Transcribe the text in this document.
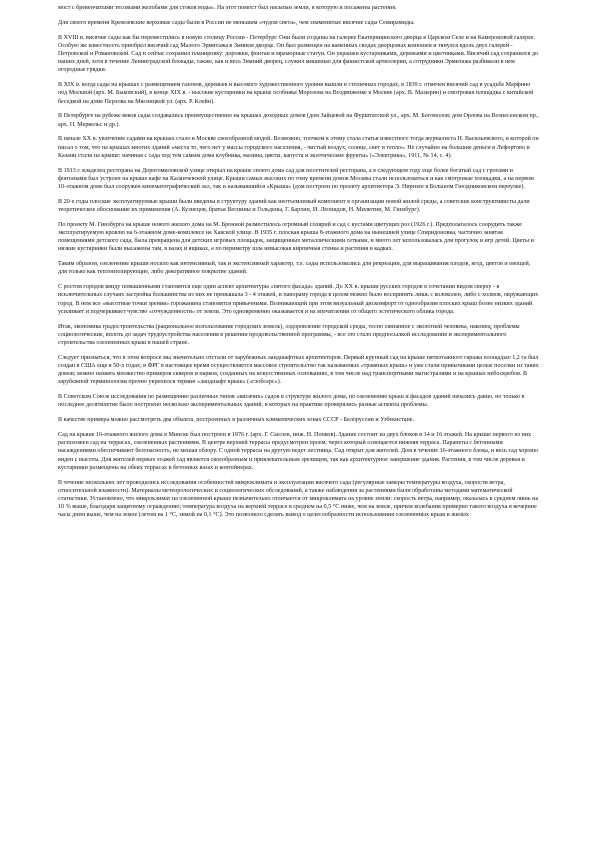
мост с бревенчатыми тесовыми желобами для стоков воды». На этот помост был насыпан земли, в которую и посажены растения.

Для своего времени Кремлевские верховые сады были в России не меньшим «чудом света», чем знаменитые висячие сады Семирамиды.

В XVIII в. висячие сады как бы переместились в новую столицу России - Петербург. Они были созданы на галерее Екатерининского дворца в Царском Селе и на Камероновой галерее. Особую же известность приобрел висячий сад Малого Эрмитажа в Зимнем дворце. Он был размещен на каменных сводах дворцовых конюшен и тянулся вдоль двух галерей - Петровской и Романовской. Сад и сейчас сохранил планировку: дорожки, фонтан и мраморные статуи. Он украшен кустарниками, деревьями и цветниками. Висячий сад сохранился до наших дней, хотя в течение Ленинградской блокады, также, как и весь Зимний дворец, служил мишенью для фашистской артиллерии, а сотрудники Эрмитажа разбивали в нем огородные грядки.

В XIX в. когда сады на крышах с размещением газонов, деревьев и высокого художественного уровня вышли в столичных городах, в 1839 г. отмечен висячий сад в усадьбе Марфино под Москвой (арх. М. Быковский), в конце XIX в. - высокие кустарники на крыше особняка Морозова на Воздвиженке в Москве (арх. В. Мазырин) и смотровая площадка с китайской беседкой на доме Перлова на Мясницкой ул. (арх. Р. Клейн).

В Петербурге на рубеже веков сады создавались преимущественно на крышах доходных домов (дом Зайцевой на Фурштатской ул., арх. М. Богомолов; дом Орлова на Вознесенском пр., арх. П. Меркельс и др.).

В начале XX в. увлечение садами на крышах стало в Москве своеобразной модой. Возможно, толчком к этому стала статья известного тогда журналиста Н. Васильевского, в которой он писал о том, что на крышах многих зданий «места то, чего нет у массы городского населения, - чистый воздух, солнце, свет и тепло». Не случайно на большие деньги в Лефортово и Казани стали на крыше: начиная с сада под тем самым дома клубника, малина, цветы, капуста и экзотические фрукты» («Электрика», 1911, № 14, с. 4).

В 1913 г. владелец ресторана на Дорогомиловской улице открыл на крыше своего дома сад для посетителей ресторана, а в следующем году еще более богатый сад с гротами и фонтанами был устроен на крыше кафе на Каланчевской улице. Крыши самых высоких по тому времени домов Москвы стали использоваться и как смотровые площадки, а на первом 10-этажном доме был сооружен кинематографический зал, так и называвшийся «Крыша» (дом построен по проекту архитектора Э. Нирнзее в Большом Гнездниковском переулке).

В 20-е годы плоские эксплуатируемые крыши были введены в структуру зданий как неотъемлемый компонент в организации новой жилой среды, а советские конструктивисты дали теоретическое обоснование их применения (А. Кузнецов, братья Веснины и Гольдены, Г. Бархин, И. Леонидов, Н. Милютин, М. Гинзбург).

По проекту М. Гинзбурга на крыше нового жилого дома на М. Бронной разместилось огромный солярий и сад с кустами цветущих роз (1926 г.). Предполагалось соорудить также эксплуатируемую кровлю на 6-этажном доме-комплексе на Хавской улице. В 1935 г. плоская крыша 8-этажного дома на нынешней улице Спиридоновка, частично занятая помещениями детского сада, была превращена для детских игровых площадок, защищенных металлическими сетками, и много лет использовалась для прогулок и игр детей. Цветы и низкие кустарники были высажены там, в вазах и ящиках, а по периметру шла невысокая кирпичная стенка и растения в кадках.

Таким образом, озеленение крыши носило как интенсивный, так и экстенсивный характер, т.е. сады использовались для рекреации, для выращивания плодов, ягод, цветов и овощей, для только как теплоизолирующие, либо декоративное покрытие зданий.

С ростом городов ввиду повышенными становятся еще один аспект архитектуры «пятого фасада» зданий. До XX в. крыши русских городов в сочетании видом сверху - в исключительных случаях застройка большинства из них не превышала 3 - 4 этажей, и панораму города в целом можно было воспринять лишь с колоколен, либо с холмов, окружающих город. В нем все «высотные точки зрения» горожанина становятся привычными. Возникающий при этом визуальный дискомфорт от однообразия плоских крыш более низких зданий усиливает и подчеркивает чувство «отчужденности» от земли. Это одновременно оказывается и на впечатлении от общего эстетического облика города.

Итак, экономика градостроительства (рациональное использование городских земель), оздоровление городской среды, тесно связанное с экологией человека, наконец, проблемы социологические, вплоть до задач трудоустройства населения в решении продовольственной программы, - все это стало предпосылкой исследования и экспериментального строительства озелененных крыш в нашей стране.

Следует признаться, что в этом вопросе мы значительно отстали от зарубежных ландшафтных архитекторов. Первый крупный сад на крыше пятиэтажного гаража площадью 1,2 га был создан в США еще в 50-х годах; в ФРГ в настоящее время осуществляется массовое строительство так называемых «травяных крыш» и уже стали привычными целые поселки из таких домов; можно назвать множество примеров скверов и парков, созданных на искусственных основаниях, в том числе над транспортными магистралями и на крышах небоскребов. В зарубежной терминологии прочно укрепился термин «ландшафт крыш» («гэобсерс»).

В Советском Союзе исследования по размещению различных типов «висячих» садов в структуре жилого дома, по озеленению крыш и фасадов зданий начались давно, но только в последнее десятилетие было построено несколько экспериментальных зданий, в которых на практике проверялись разные аспекты проблемы.

В качестве примера можно рассмотреть два объекта, построенных в различных климатических зонах СССР - Белоруссии и Узбекистане.

Сад на крыше 16-этажного жилого дома в Минске был построен в 1976 г. (арх. Г. Сысоев, инж. Н. Попков). Здание состоит из двух блоков в 14 и 16 этажей. На крыше первого из них расположен сад на террасах, озелененных растениями. В центре верхней террасы предусмотрен проем, через который освещается нижняя терраса. Парапеты с бетонными насаждениями обеспечивают безопасность, не мешая обзору. С одной террасы на другую ведет лестница. Сад открыт для жителей. Дом в течение 16-этажного блока, и весь сад хорошо виден с высоты. Для жителей первых этажей сад является своеобразным и привлекательным зрелищем, так как архитектурное завершение здания. Растения, в том числе деревья и кустарники размещены на обеих террасах в бетонных вазах и контейнерах.

В течение нескольких лет проводились исследования особенностей микроклимата и эксплуатации висячего сада (регулярные замеры температуры воздуха, скорости ветра, относительной влажности). Материалы метеорологических и социологических обследований, а также наблюдения за растениями были обработаны методами математической статистики. Установлено, что микроклимат на озелененной крыше незначительно отличается от микроклимата на уровне земли: скорость ветра, например, оказалась в среднем лишь на 10 % выше, благодаря защитному ограждению; температура воздуха на верхней террасе в среднем на 0,5 °С ниже, чем на земле, причем колебания примерно такого воздуха в вечерние часы днем выше, чем на земле (летом на 1 °С, зимой на 0,1 °С). Это позволило сделать вывод о целесообразности использования озелененных крыш в жилых
